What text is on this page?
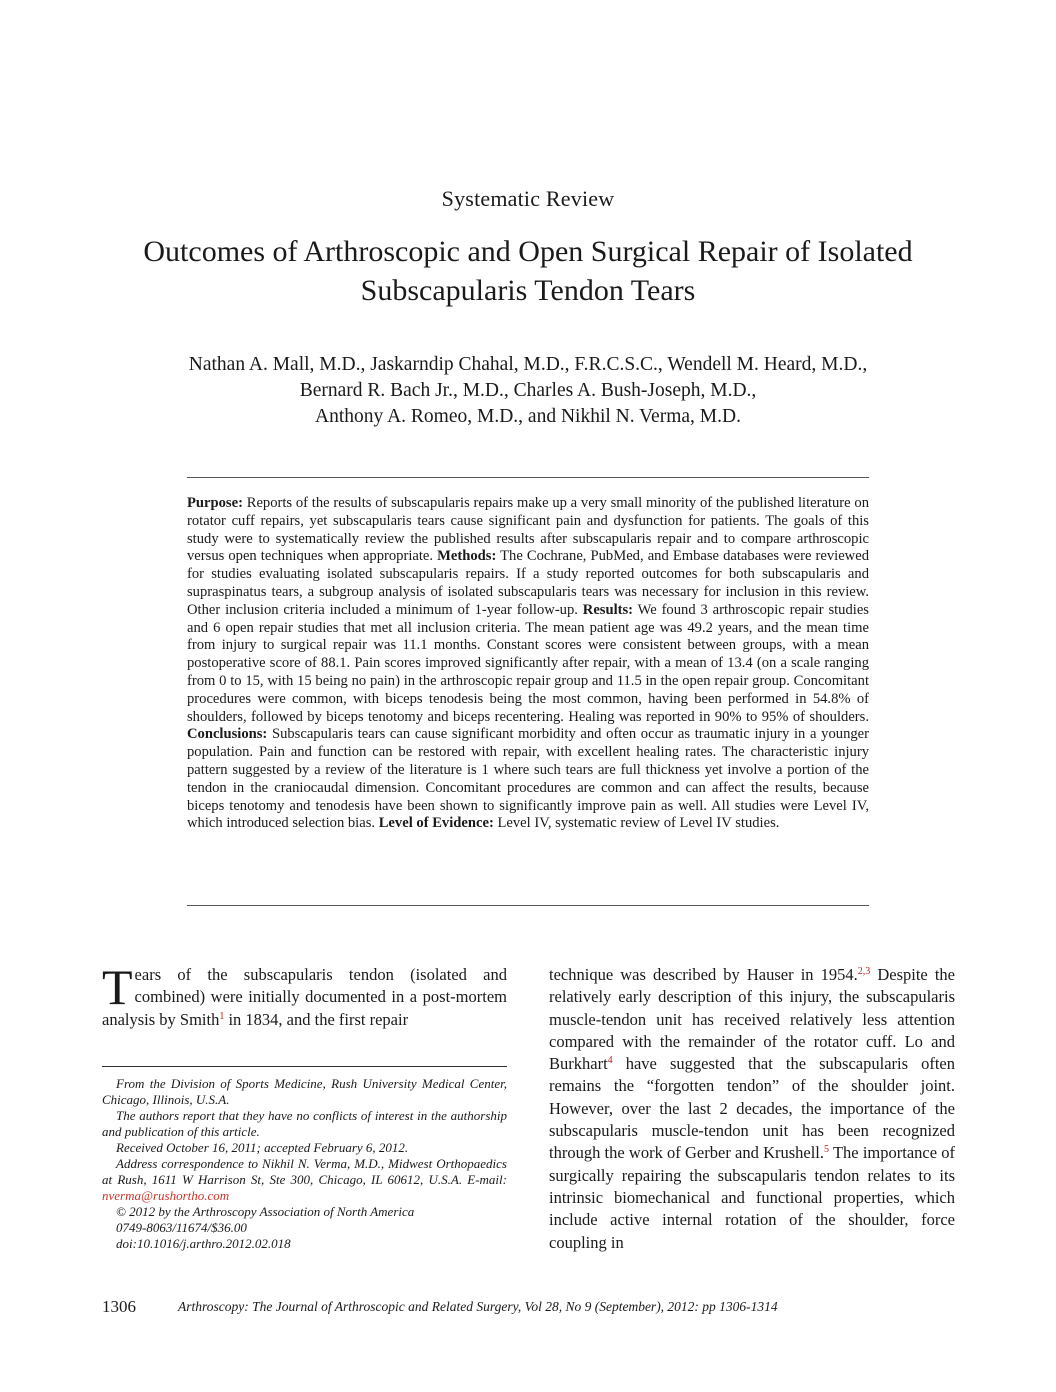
Systematic Review
Outcomes of Arthroscopic and Open Surgical Repair of Isolated
Subscapularis Tendon Tears
Nathan A. Mall, M.D., Jaskarndip Chahal, M.D., F.R.C.S.C., Wendell M. Heard, M.D.,
Bernard R. Bach Jr., M.D., Charles A. Bush-Joseph, M.D.,
Anthony A. Romeo, M.D., and Nikhil N. Verma, M.D.

Purpose: Reports of the results of subscapularis repairs make up a very small minority of the published literature on rotator cuff repairs, yet subscapularis tears cause significant pain and dysfunction for patients. The goals of this study were to systematically review the published results after subscapularis repair and to compare arthroscopic versus open techniques when appropriate. Methods: The Cochrane, PubMed, and Embase databases were reviewed for studies evaluating isolated subscapularis repairs. If a study reported outcomes for both subscapularis and supraspinatus tears, a subgroup analysis of isolated subscapularis tears was necessary for inclusion in this review. Other inclusion criteria included a minimum of 1-year follow-up. Results: We found 3 arthroscopic repair studies and 6 open repair studies that met all inclusion criteria. The mean patient age was 49.2 years, and the mean time from injury to surgical repair was 11.1 months. Constant scores were consistent between groups, with a mean postoperative score of 88.1. Pain scores improved significantly after repair, with a mean of 13.4 (on a scale ranging from 0 to 15, with 15 being no pain) in the arthroscopic repair group and 11.5 in the open repair group. Concomitant procedures were common, with biceps tenodesis being the most common, having been performed in 54.8% of shoulders, followed by biceps tenotomy and biceps recentering. Healing was reported in 90% to 95% of shoulders. Conclusions: Subscapularis tears can cause significant morbidity and often occur as traumatic injury in a younger population. Pain and function can be restored with repair, with excellent healing rates. The characteristic injury pattern suggested by a review of the literature is 1 where such tears are full thickness yet involve a portion of the tendon in the craniocaudal dimension. Concomitant procedures are common and can affect the results, because biceps tenotomy and tenodesis have been shown to significantly improve pain as well. All studies were Level IV, which introduced selection bias. Level of Evidence: Level IV, systematic review of Level IV studies.

Tears of the subscapularis tendon (isolated and combined) were initially documented in a post-mortem analysis by Smith$^1$ in 1834, and the first repair

From the Division of Sports Medicine, Rush University Medical Center, Chicago, Illinois, U.S.A.

The authors report that they have no conflicts of interest in the authorship and publication of this article.

Received October 16, 2011; accepted February 6, 2012.

Address correspondence to Nikhil N. Verma, M.D., Midwest Orthopaedics at Rush, 1611 W Harrison St, Ste 300, Chicago, IL 60612, U.S.A. E-mail: nverma@rushortho.com

© 2012 by the Arthroscopy Association of North America

0749-8063/11674/$36.00

doi:10.1016/j.arthro.2012.02.018

technique was described by Hauser in 1954.$^{2,3}$ Despite the relatively early description of this injury, the subscapularis muscle-tendon unit has received relatively less attention compared with the remainder of the rotator cuff. Lo and Burkhart$^4$ have suggested that the subscapularis often remains the “forgotten tendon” of the shoulder joint. However, over the last 2 decades, the importance of the subscapularis muscle-tendon unit has been recognized through the work of Gerber and Krushell.$^5$ The importance of surgically repairing the subscapularis tendon relates to its intrinsic biomechanical and functional properties, which include active internal rotation of the shoulder, force coupling in

1306	Arthroscopy: The Journal of Arthroscopic and Related Surgery, Vol 28, No 9 (September), 2012: pp 1306-1314
